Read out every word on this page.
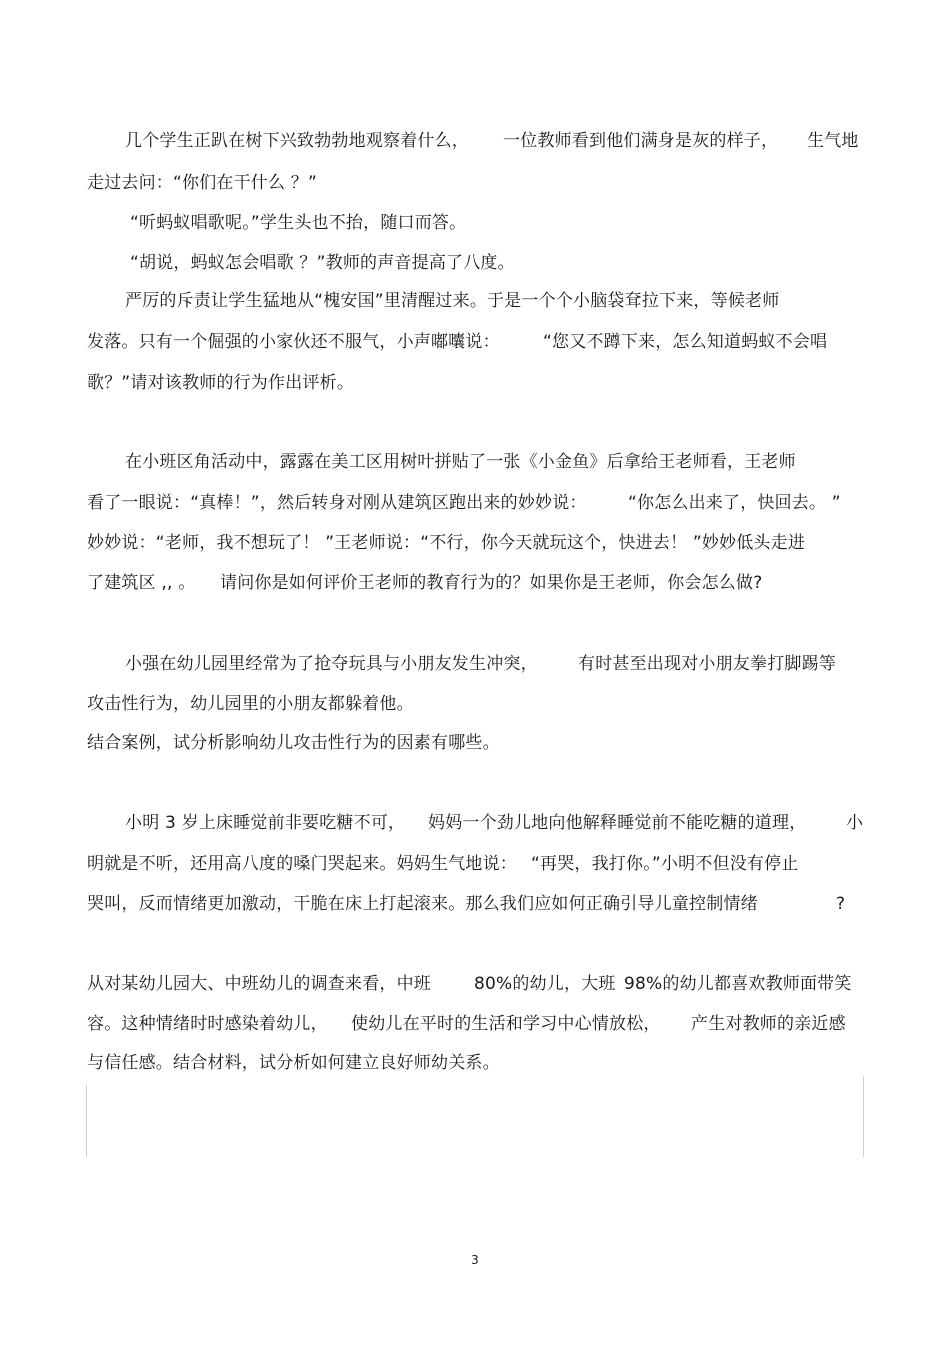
几个学生正趴在树下兴致勃勃地观察着什么， 一位教师看到他们满身是灰的样子， 生气地
走过去问：“你们在干什么 ？”
“听蚂蚁唱歌呢。”学生头也不抬，随口而答。
“胡说，蚂蚁怎会唱歌 ？”教师的声音提高了八度。
严厉的斥责让学生猛地从“槐安国”里清醒过来。于是一个个小脑袋耷拉下来，等候老师
发落。只有一个倔强的小家伙还不服气，小声嘟囔说：	“您又不蹲下来，怎么知道蚂蚁不会唱
歌？”请对该教师的行为作出评析。
在小班区角活动中，露露在美工区用树叶拼贴了一张《小金鱼》后拿给王老师看，王老师
看了一眼说：“真棒！”，然后转身对刚从建筑区跑出来的妙妙说： “你怎么出来了，快回去。 ”
妙妙说：“老师，我不想玩了！ ”王老师说：“不行，你今天就玩这个，快进去！ ”妙妙低头走进
了建筑区 ,, 。 请问你是如何评价王老师的教育行为的？如果你是王老师，你会怎么做?
小强在幼儿园里经常为了抢夺玩具与小朋友发生冲突， 有时甚至出现对小朋友拳打脚踢等
攻击性行为，幼儿园里的小朋友都躲着他。
结合案例，试分析影响幼儿攻击性行为的因素有哪些。
小明 3 岁上床睡觉前非要吃糖不可， 妈妈一个劲儿地向他解释睡觉前不能吃糖的道理， 小
明就是不听，还用高八度的嗓门哭起来。妈妈生气地说： “再哭，我打你。”小明不但没有停止
哭叫，反而情绪更加激动，干脆在床上打起滚来。那么我们应如何正确引导儿童控制情绪	?
从对某幼儿园大、中班幼儿的调查来看，中班	80%的幼儿，大班 98%的幼儿都喜欢教师面带笑
容。这种情绪时时感染着幼儿， 使幼儿在平时的生活和学习中心情放松， 产生对教师的亲近感
与信任感。结合材料，试分析如何建立良好师幼关系。
3
